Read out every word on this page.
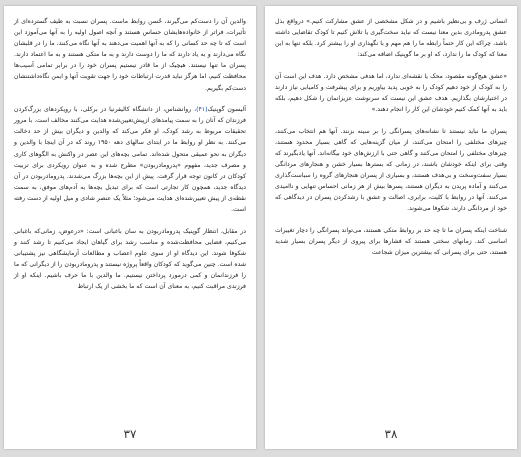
والدین آن را دست‌کم می‌گیرند، حُسن روابط ماست. پسران نسبت به طیف گسترده‌ای از تأثیرات، فراتر از خانواده‌هایشان حساس هستند و آنچه اصول اولیه را به آنها می‌آموزد این است که تا چه حد کسانی را که به آنها اهمیت می‌دهند به آنها نگاه می‌کنند، ما را در قلبشان نگاه می‌دارند و به یاد دارند که ما را دوست دارند و به ما متکی هستند و به ما اعتماد دارند. پسران ما تنها نیستند. هیچیک از ما قادر نیستیم پسران خود را در برابر تمامی آسیب‌ها محافظت کنیم، اما هرگز نباید قدرت ارتباطات خود را جهت تقویت آنها و ایمن نگاه‌داشتنشان دست‌کم بگیریم.

آلیسون گوپنیک(۴۱)، روانشناس، از دانشگاه کالیفرنیا در برکلی، با رویکردهای بزرگ‌کردن فرزندان که آنان را به سمت پیامدهای ازپیش‌تعیین‌شده هدایت می‌کنند مخالف است. با مرور تحقیقات مربوط به رشد کودک، او فکر می‌کند که والدین و دیگران بیش از حد دخالت می‌کنند. به نظر او روابط ما در ابتدای سالهای دهه ۱۹۵۰ روند که در آن اینجا با والدین و دیگران به نحو عمیقی متحول شده‌اند. تمامی بچه‌های این عصر در واکنش به الگوهای کاری و مصرف جدید، مفهوم «پدرومادربودن» مطرح شده و به عنوان رویکردی برای تربیت کودکان در کانون توجه قرار گرفت. پیش از این بچه‌ها بزرگ می‌شدند. پدرومادربودن در آن دیدگاه جدید، همچون کار تجارتی است که برای تبدیل بچه‌ها به آدم‌های موفق، به سمت نقطه‌ی از پیش تعیین‌شده‌ای هدایت می‌شود؛ مثلاً یک عنصر شادی و میل اولیه از دست رفته است.

در مقابل، انتظار گوپنیک پدرومادربودن به سان باغبانی است: «درعوض، زمانی‌که باغبانی می‌کنیم، فضایی محافظت‌شده و مناسب رشد برای گیاهان ایجاد می‌کنیم تا رشد کنند و شکوفا شوند. این دیدگاه او از سوی علوم اعصاب و مطالعات آزمایشگاهی نیز پشتیبانی شده است. چنین می‌گوید که کودکان واقعاً پروژه نیستند و پدرومادربودن را از دیگرانی که ما را فرزندانمان و کمی درمورد پرداختن نیستیم. ما والدین با ما حرف باشیم. اینکه او از فرزندی مراقبت کنیم، به معنای آن است که ما بخشی از یک ارتباط

۳۷

انسانی ژرف و بی‌نظیر باشیم و در شکل مشخصی از عشق مشارکت کنیم.» درواقع بذل عشق پدرومادری بدین معنا نیست که نباید سخت‌گیری یا تلاش کنیم تا کودک تقاضایی داشته باشد، چراکه این کار حتماً رابطه ما را هم مهم و با نگهداری او را بیشتر کرد. بلکه تنها به این معنا که کودک ما را ندارد، که او بر ما گوپنیک اضافه می‌کند:

«عشق هیچ‌گونه مقصود، محک یا نقشه‌ای ندارد، اما هدفی مشخص دارد. هدف این است آن را به کودک از خود دهیم کودک را به خوبی پدید بیاوریم و برای پیشرفت و کامیابی نیاز دارند در اختیارشان بگذاریم. هدف عشق این نیست که سرنوشت عزیزانمان را شکل دهیم، بلکه باید به آنها کمک کنیم خودشان این کار را انجام دهند.»

پسران ما نباید نیستند تا نشانه‌های پسرانگی را بر سینه بزنند. آنها هم انتخاب می‌کنند، چیزهای مختلفی را امتحان می‌کنند، از میان گزینه‌هایی که گاهی بسیار محدود هستند، چیزهای مختلفی را امتحان می‌کنند و گاهی حتی با ارزش‌های خود بیگانه‌اند. آنها یادبگیرند که وقتی برای اینکه خودشان باشند، در زمانی که بسترها بسیار خشن و هنجارهای مردانگی بسیار سفت‌وسخت و بی‌هدف هستند، و بسیاری از پسران هنجارهای گروه را سیاست‌گذاری می‌کنند و آماده پریدن به دیگران هستند، پسرها بیش از هر زمانی احساس تنهایی و ناامیدی می‌کنند. آنها در روابط با کلیت، برابری، اصالت و عشق با رشدکردن پسران در دیدگاهی که خود از مردانگی دارند، شکوفا می‌شوند.

شناخت اینکه پسران ما تا چه حد بر روابط متکی هستند، می‌تواند پسرانگی را دچار تغییرات اساسی کند. زمانهای سختی هستند که فشارها برای پیروی از دیگر پسران بسیار شدید هستند، حتی برای پسرانی که بیشترین میزان شجاعت

۳۸
